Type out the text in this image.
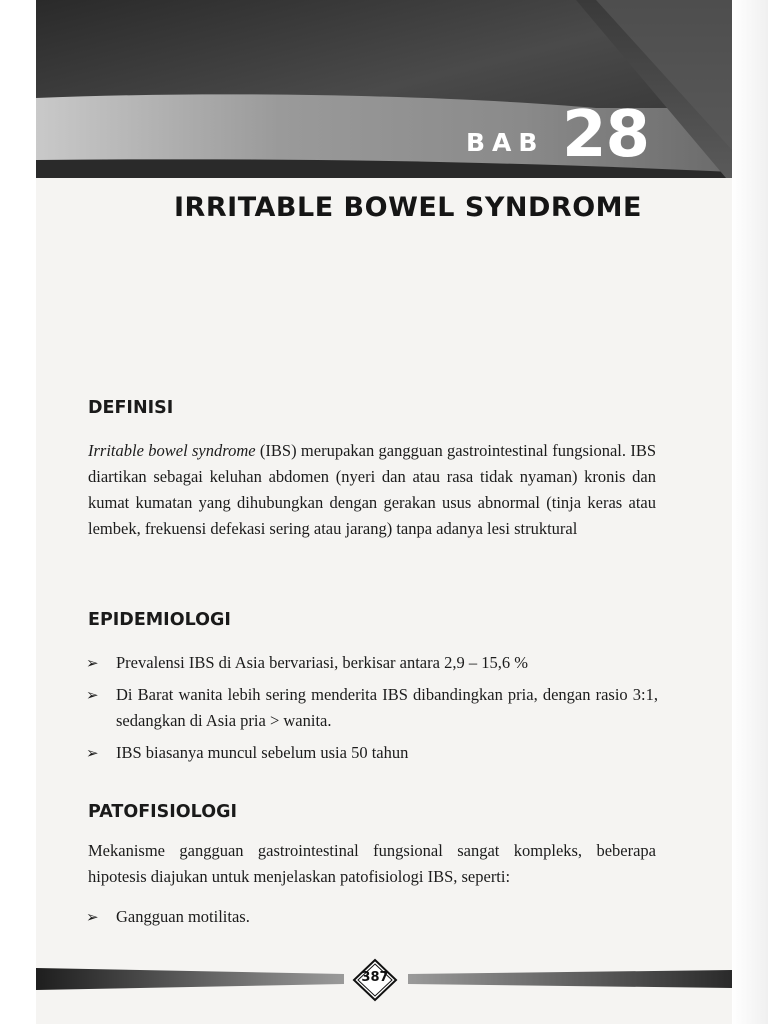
BAB 28
IRRITABLE BOWEL SYNDROME
DEFINISI

Irritable bowel syndrome (IBS) merupakan gangguan gastrointestinal fungsional. IBS diartikan sebagai keluhan abdomen (nyeri dan atau rasa tidak nyaman) kronis dan kumat kumatan yang dihubungkan dengan gerakan usus abnormal (tinja keras atau lembek, frekuensi defekasi sering atau jarang) tanpa adanya lesi struktural

EPIDEMIOLOGI
➢ Prevalensi IBS di Asia bervariasi, berkisar antara 2,9 – 15,6 %
➢ Di Barat wanita lebih sering menderita IBS dibandingkan pria, dengan rasio 3:1, sedangkan di Asia pria > wanita.
➢ IBS biasanya muncul sebelum usia 50 tahun
PATOFISIOLOGI

Mekanisme gangguan gastrointestinal fungsional sangat kompleks, beberapa hipotesis diajukan untuk menjelaskan patofisiologi IBS, seperti:

➢ Gangguan motilitas.
387
